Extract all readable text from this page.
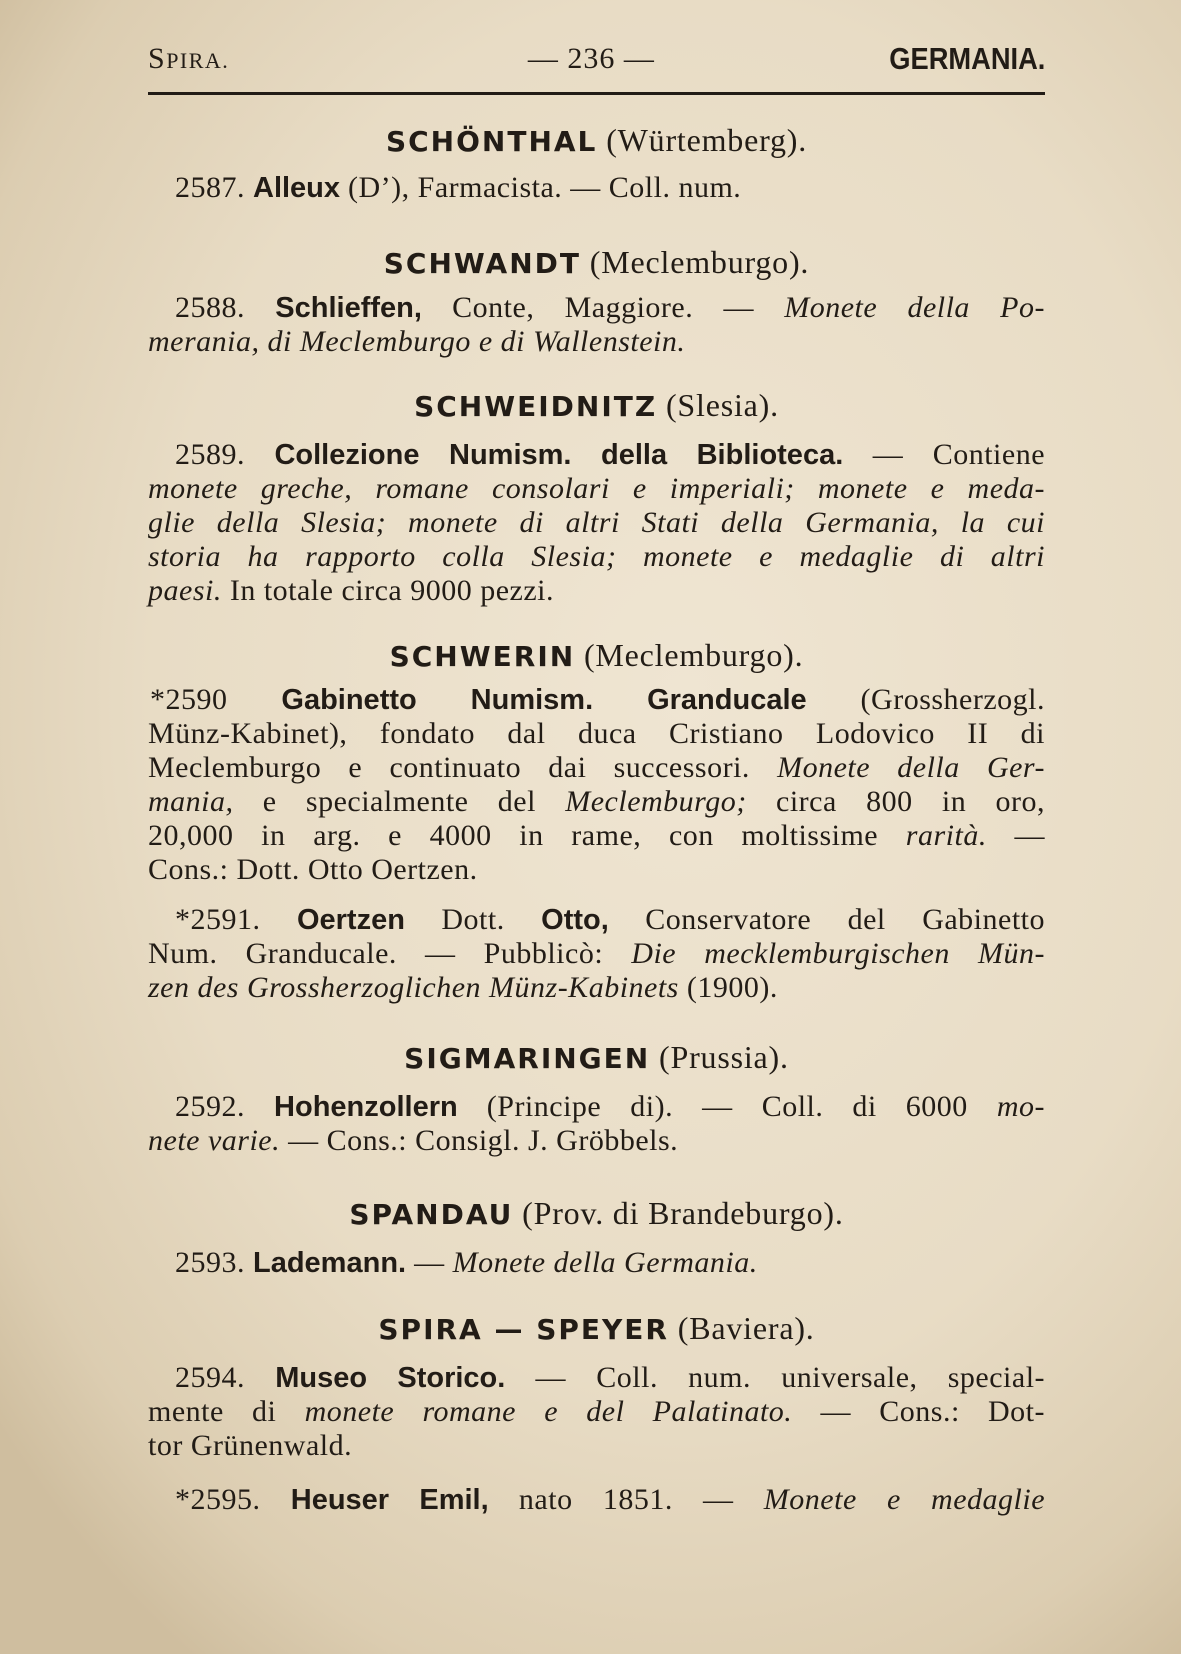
SPIRA.	— 236 —	GERMANIA.
SCHÖNTHAL (Würtemberg).
2587. Alleux (D’), Farmacista. — Coll. num.
SCHWANDT (Meclemburgo).
2588. Schlieffen, Conte, Maggiore. — Monete della Po-
merania, di Meclemburgo e di Wallenstein.
SCHWEIDNITZ (Slesia).
2589. Collezione Numism. della Biblioteca. — Contiene
monete greche, romane consolari e imperiali; monete e meda-
glie della Slesia; monete di altri Stati della Germania, la cui
storia ha rapporto colla Slesia; monete e medaglie di altri
paesi. In totale circa 9000 pezzi.
SCHWERIN (Meclemburgo).
*2590 Gabinetto Numism. Granducale (Grossherzogl.
Münz-Kabinet), fondato dal duca Cristiano Lodovico II di
Meclemburgo e continuato dai successori. Monete della Ger-
mania, e specialmente del Meclemburgo; circa 800 in oro,
20,000 in arg. e 4000 in rame, con moltissime rarità. —
Cons.: Dott. Otto Oertzen.
*2591. Oertzen Dott. Otto, Conservatore del Gabinetto
Num. Granducale. — Pubblicò: Die mecklemburgischen Mün-
zen des Grossherzoglichen Münz-Kabinets (1900).
SIGMARINGEN (Prussia).
2592. Hohenzollern (Principe di). — Coll. di 6000 mo-
nete varie. — Cons.: Consigl. J. Gröbbels.
SPANDAU (Prov. di Brandeburgo).
2593. Lademann. — Monete della Germania.
SPIRA — SPEYER (Baviera).
2594. Museo Storico. — Coll. num. universale, special-
mente di monete romane e del Palatinato. — Cons.: Dot-
tor Grünenwald.
*2595. Heuser Emil, nato 1851. — Monete e medaglie
